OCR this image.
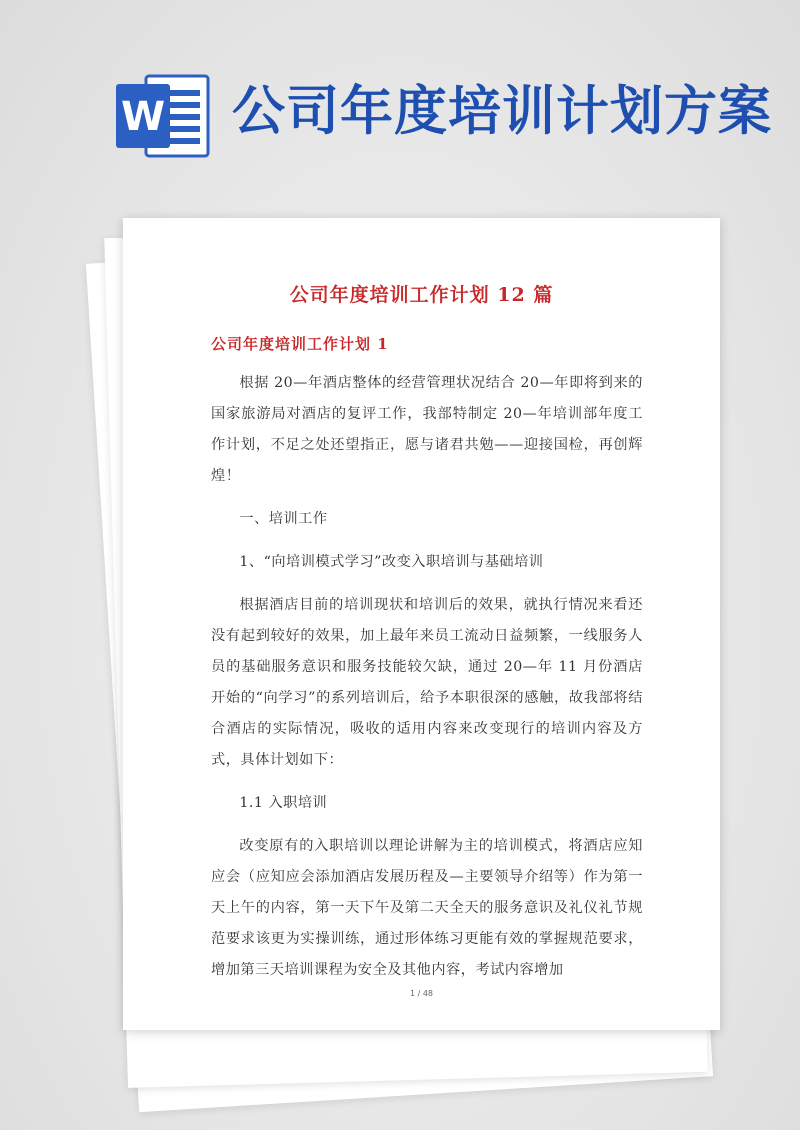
W 公司年度培训计划方案
公司年度培训工作计划 12 篇
公司年度培训工作计划 1

根据 20—年酒店整体的经营管理状况结合 20—年即将到来的国家旅游局对酒店的复评工作，我部特制定 20—年培训部年度工作计划，不足之处还望指正，愿与诸君共勉——迎接国检，再创辉煌！

一、培训工作

1、“向培训模式学习”改变入职培训与基础培训

根据酒店目前的培训现状和培训后的效果，就执行情况来看还没有起到较好的效果，加上最年来员工流动日益频繁，一线服务人员的基础服务意识和服务技能较欠缺，通过 20—年 11 月份酒店开始的“向学习”的系列培训后，给予本职很深的感触，故我部将结合酒店的实际情况，吸收的适用内容来改变现行的培训内容及方式，具体计划如下：

1.1 入职培训

改变原有的入职培训以理论讲解为主的培训模式，将酒店应知应会（应知应会添加酒店发展历程及—主要领导介绍等）作为第一天上午的内容，第一天下午及第二天全天的服务意识及礼仪礼节规范要求该更为实操训练，通过形体练习更能有效的掌握规范要求，增加第三天培训课程为安全及其他内容，考试内容增加

1 / 48
